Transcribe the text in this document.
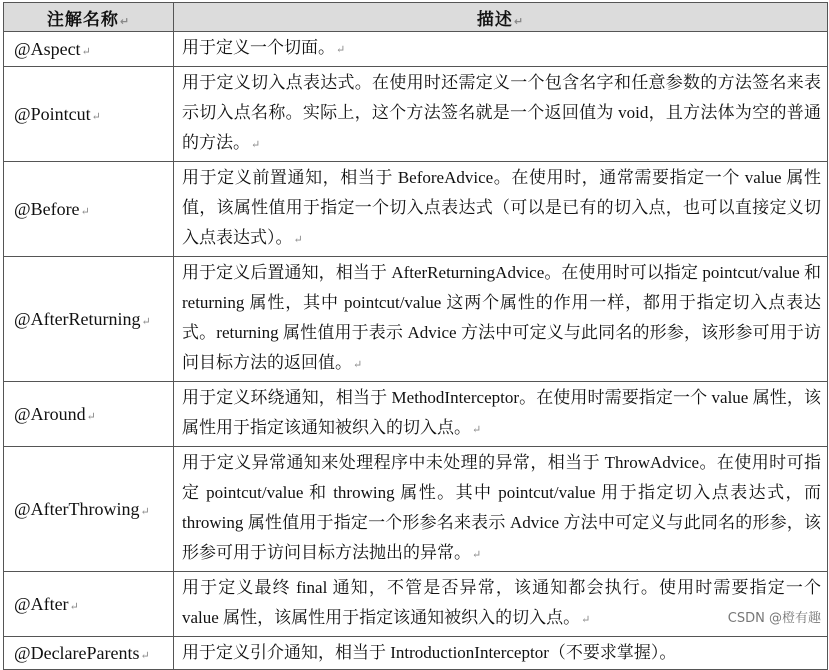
注解名称↵	描述↵
@Aspect↵	用于定义一个切面。↵
@Pointcut↵	用于定义切入点表达式。在使用时还需定义一个包含名字和任意参数的方法签名来表示切入点名称。实际上，这个方法签名就是一个返回值为 void，且方法体为空的普通的方法。↵
@Before↵	用于定义前置通知，相当于 BeforeAdvice。在使用时，通常需要指定一个 value 属性值，该属性值用于指定一个切入点表达式（可以是已有的切入点，也可以直接定义切入点表达式）。↵
@AfterReturning↵	用于定义后置通知，相当于 AfterReturningAdvice。在使用时可以指定 pointcut/value 和 returning 属性，其中 pointcut/value 这两个属性的作用一样，都用于指定切入点表达式。returning 属性值用于表示 Advice 方法中可定义与此同名的形参，该形参可用于访问目标方法的返回值。↵
@Around↵	用于定义环绕通知，相当于 MethodInterceptor。在使用时需要指定一个 value 属性，该属性用于指定该通知被织入的切入点。↵
@AfterThrowing↵	用于定义异常通知来处理程序中未处理的异常，相当于 ThrowAdvice。在使用时可指定 pointcut/value 和 throwing 属性。其中 pointcut/value 用于指定切入点表达式，而 throwing 属性值用于指定一个形参名来表示 Advice 方法中可定义与此同名的形参，该形参可用于访问目标方法抛出的异常。↵
@After↵	用于定义最终 final 通知，不管是否异常，该通知都会执行。使用时需要指定一个 value 属性，该属性用于指定该通知被织入的切入点。↵
@DeclareParents↵	用于定义引介通知，相当于 IntroductionInterceptor（不要求掌握）。
CSDN @橙有趣
